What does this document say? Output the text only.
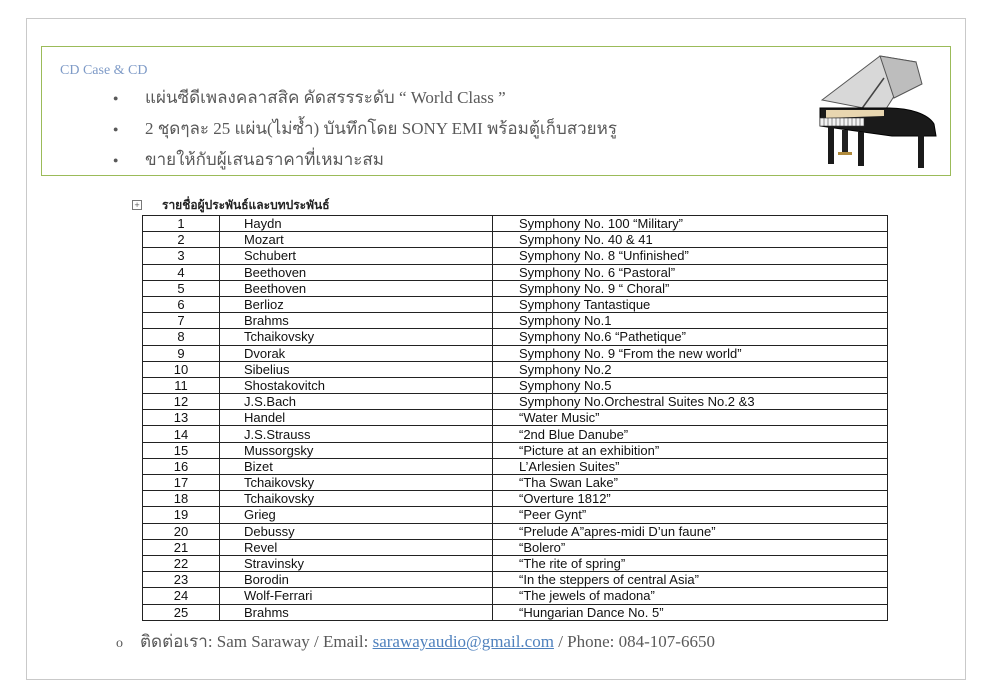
CD Case & CD
● แผ่นซีดีเพลงคลาสสิค คัดสรรระดับ “ World Class ”
● 2 ชุดๆละ 25 แผ่น(ไม่ซ้ำ) บันทึกโดย SONY EMI พร้อมตู้เก็บสวยหรู
● ขายให้กับผู้เสนอราคาที่เหมาะสม
+ รายชื่อผู้ประพันธ์และบทประพันธ์
1	Haydn	Symphony No. 100 “Military”
2	Mozart	Symphony No. 40 & 41
3	Schubert	Symphony No. 8 “Unfinished”
4	Beethoven	Symphony No. 6 “Pastoral”
5	Beethoven	Symphony No. 9 “ Choral”
6	Berlioz	Symphony Tantastique
7	Brahms	Symphony No.1
8	Tchaikovsky	Symphony No.6 “Pathetique”
9	Dvorak	Symphony No. 9 “From the new world”
10	Sibelius	Symphony No.2
11	Shostakovitch	Symphony No.5
12	J.S.Bach	Symphony No.Orchestral Suites No.2 &3
13	Handel	“Water Music”
14	J.S.Strauss	“2nd Blue Danube”
15	Mussorgsky	“Picture at an exhibition”
16	Bizet	L’Arlesien Suites”
17	Tchaikovsky	“Tha Swan Lake”
18	Tchaikovsky	“Overture 1812”
19	Grieg	“Peer Gynt”
20	Debussy	“Prelude A”apres-midi D’un faune”
21	Revel	“Bolero”
22	Stravinsky	“The rite of spring”
23	Borodin	“In the steppers of central Asia”
24	Wolf-Ferrari	“The jewels of madona”
25	Brahms	“Hungarian Dance No. 5”
o ติดต่อเรา: Sam Saraway / Email: sarawayaudio@gmail.com / Phone: 084-107-6650
